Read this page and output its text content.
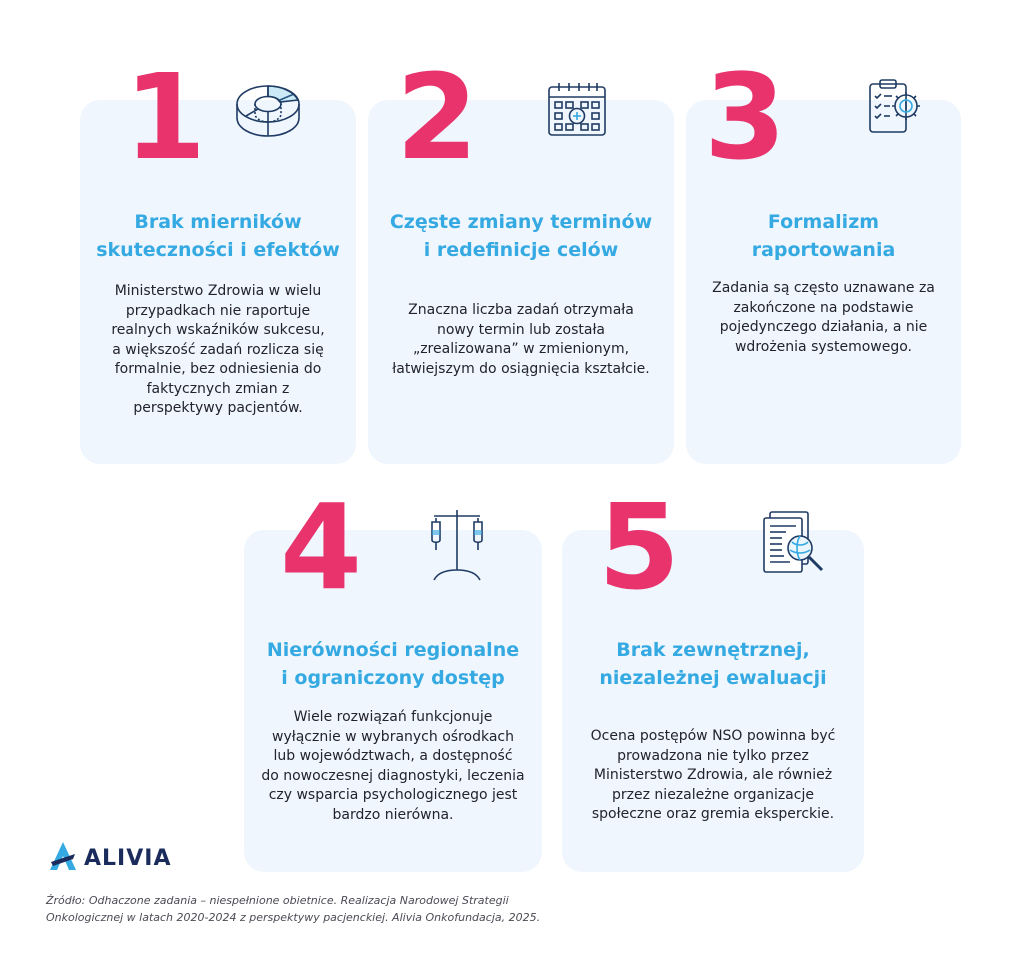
1
Brak mierników
skuteczności i efektów
Ministerstwo Zdrowia w wielu
przypadkach nie raportuje
realnych wskaźników sukcesu,
a większość zadań rozlicza się
formalnie, bez odniesienia do
faktycznych zmian z
perspektywy pacjentów.
2
Częste zmiany terminów
i redefinicje celów
Znaczna liczba zadań otrzymała
nowy termin lub została
„zrealizowana” w zmienionym,
łatwiejszym do osiągnięcia kształcie.
3
Formalizm
raportowania
Zadania są często uznawane za
zakończone na podstawie
pojedynczego działania, a nie
wdrożenia systemowego.
4
Nierówności regionalne
i ograniczony dostęp
Wiele rozwiązań funkcjonuje
wyłącznie w wybranych ośrodkach
lub województwach, a dostępność
do nowoczesnej diagnostyki, leczenia
czy wsparcia psychologicznego jest
bardzo nierówna.
5
Brak zewnętrznej,
niezależnej ewaluacji
Ocena postępów NSO powinna być
prowadzona nie tylko przez
Ministerstwo Zdrowia, ale również
przez niezależne organizacje
społeczne oraz gremia eksperckie.
ALIVIA
Źródło: Odhaczone zadania – niespełnione obietnice. Realizacja Narodowej Strategii
Onkologicznej w latach 2020-2024 z perspektywy pacjenckiej. Alivia Onkofundacja, 2025.
